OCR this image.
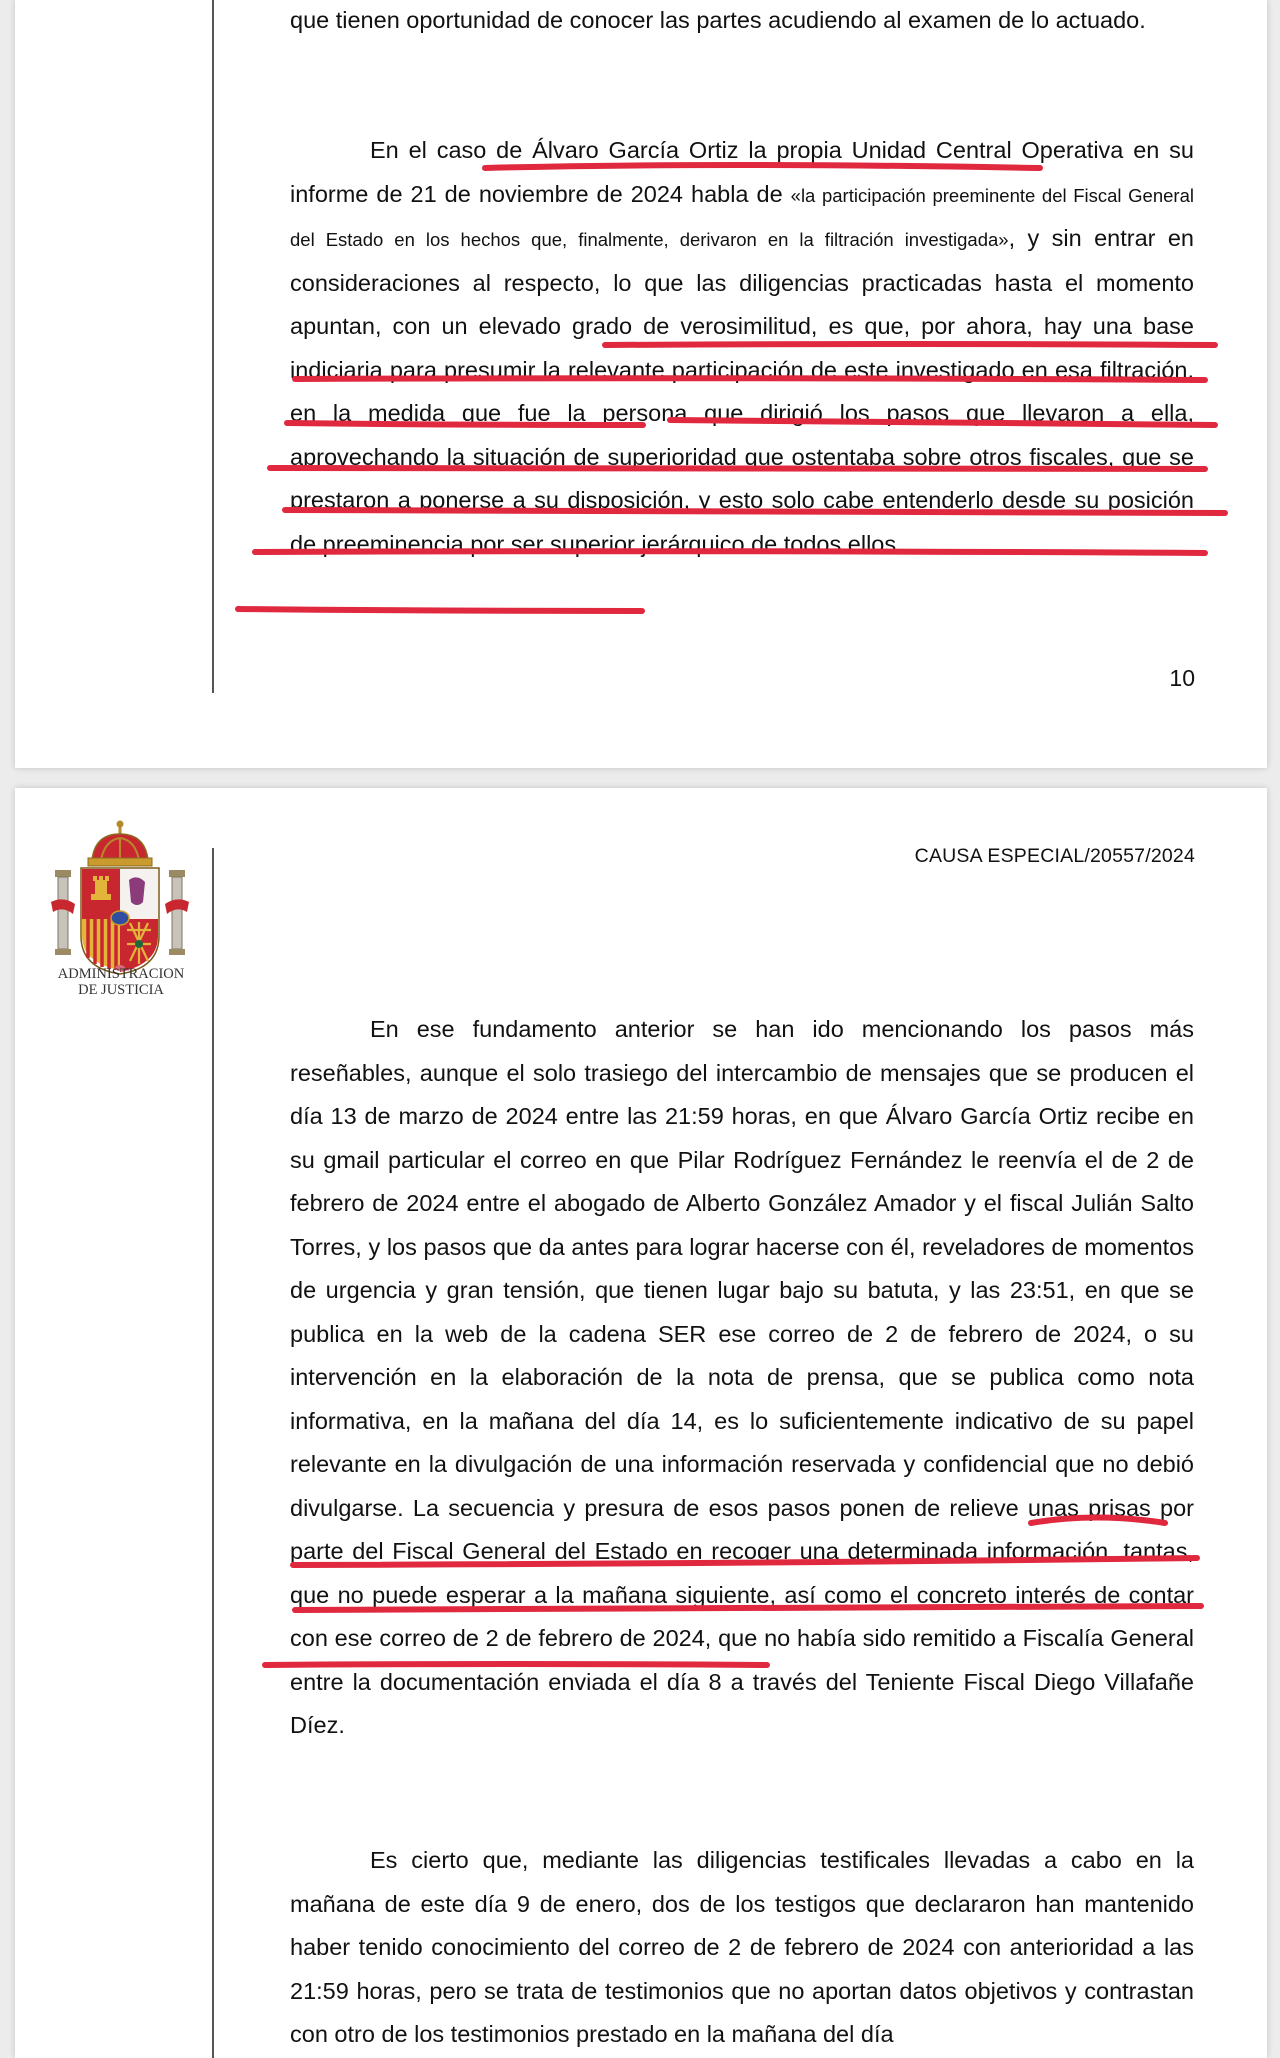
que tienen oportunidad de conocer las partes acudiendo al examen de lo actuado.

En el caso de Álvaro García Ortiz la propia Unidad Central Operativa en su informe de 21 de noviembre de 2024 habla de «la participación preeminente del Fiscal General del Estado en los hechos que, finalmente, derivaron en la filtración investigada», y sin entrar en consideraciones al respecto, lo que las diligencias practicadas hasta el momento apuntan, con un elevado grado de verosimilitud, es que, por ahora, hay una base indiciaria para presumir la relevante participación de este investigado en esa filtración, en la medida que fue la persona que dirigió los pasos que llevaron a ella, aprovechando la situación de superioridad que ostentaba sobre otros fiscales, que se prestaron a ponerse a su disposición, y esto solo cabe entenderlo desde su posición de preeminencia por ser superior jerárquico de todos ellos.

10
ADMINISTRACION
DE JUSTICIA
CAUSA ESPECIAL/20557/2024

En ese fundamento anterior se han ido mencionando los pasos más reseñables, aunque el solo trasiego del intercambio de mensajes que se producen el día 13 de marzo de 2024 entre las 21:59 horas, en que Álvaro García Ortiz recibe en su gmail particular el correo en que Pilar Rodríguez Fernández le reenvía el de 2 de febrero de 2024 entre el abogado de Alberto González Amador y el fiscal Julián Salto Torres, y los pasos que da antes para lograr hacerse con él, reveladores de momentos de urgencia y gran tensión, que tienen lugar bajo su batuta, y las 23:51, en que se publica en la web de la cadena SER ese correo de 2 de febrero de 2024, o su intervención en la elaboración de la nota de prensa, que se publica como nota informativa, en la mañana del día 14, es lo suficientemente indicativo de su papel relevante en la divulgación de una información reservada y confidencial que no debió divulgarse. La secuencia y presura de esos pasos ponen de relieve unas prisas por parte del Fiscal General del Estado en recoger una determinada información, tantas, que no puede esperar a la mañana siguiente, así como el concreto interés de contar con ese correo de 2 de febrero de 2024, que no había sido remitido a Fiscalía General entre la documentación enviada el día 8 a través del Teniente Fiscal Diego Villafañe Díez.

Es cierto que, mediante las diligencias testificales llevadas a cabo en la mañana de este día 9 de enero, dos de los testigos que declararon han mantenido haber tenido conocimiento del correo de 2 de febrero de 2024 con anterioridad a las 21:59 horas, pero se trata de testimonios que no aportan datos objetivos y contrastan con otro de los testimonios prestado en la mañana del día
